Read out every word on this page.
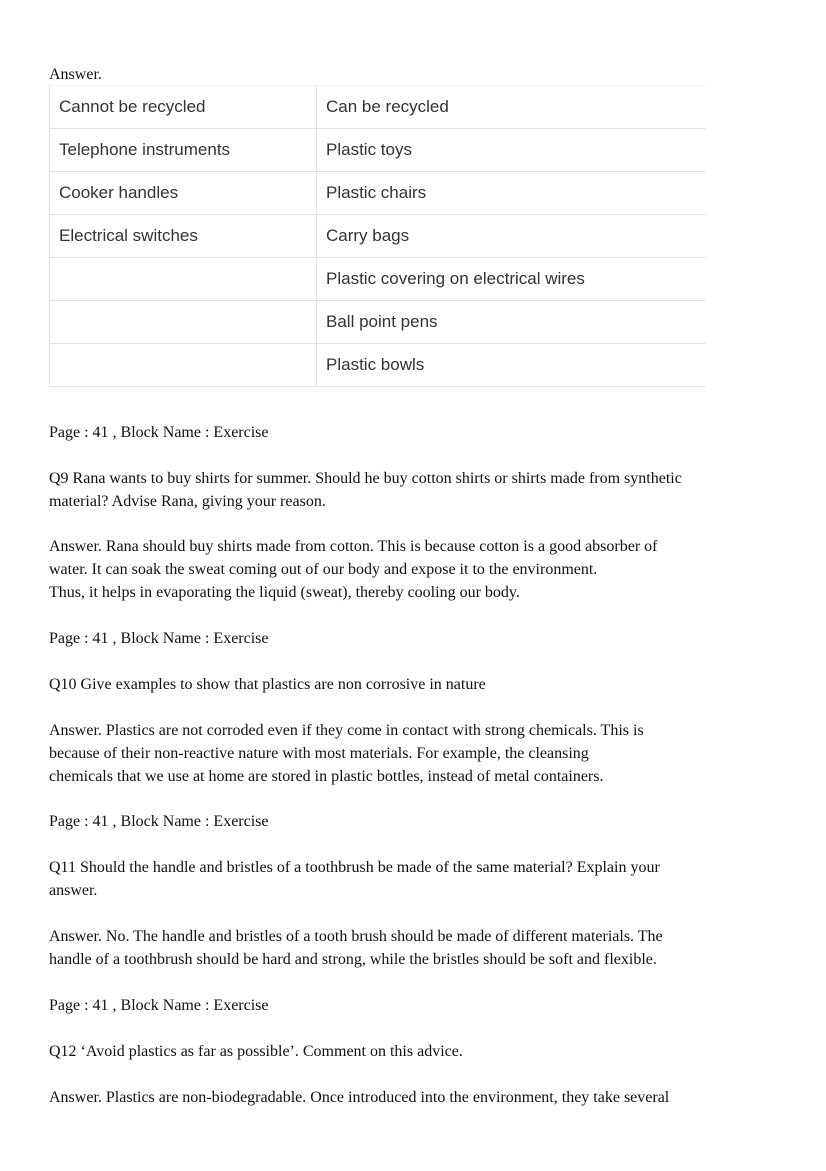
Answer.
Cannot be recycled	Can be recycled
Telephone instruments	Plastic toys
Cooker handles	Plastic chairs
Electrical switches	Carry bags
	Plastic covering on electrical wires
	Ball point pens
	Plastic bowls
Page : 41 , Block Name : Exercise
Q9 Rana wants to buy shirts for summer. Should he buy cotton shirts or shirts made from synthetic
material? Advise Rana, giving your reason.
Answer. Rana should buy shirts made from cotton. This is because cotton is a good absorber of
water. It can soak the sweat coming out of our body and expose it to the environment.
Thus, it helps in evaporating the liquid (sweat), thereby cooling our body.
Page : 41 , Block Name : Exercise
Q10 Give examples to show that plastics are non corrosive in nature
Answer. Plastics are not corroded even if they come in contact with strong chemicals. This is
because of their non-reactive nature with most materials. For example, the cleansing
chemicals that we use at home are stored in plastic bottles, instead of metal containers.
Page : 41 , Block Name : Exercise
Q11 Should the handle and bristles of a toothbrush be made of the same material? Explain your
answer.
Answer. No. The handle and bristles of a tooth brush should be made of different materials. The
handle of a toothbrush should be hard and strong, while the bristles should be soft and flexible.
Page : 41 , Block Name : Exercise
Q12 ‘Avoid plastics as far as possible’. Comment on this advice.
Answer. Plastics are non-biodegradable. Once introduced into the environment, they take several
